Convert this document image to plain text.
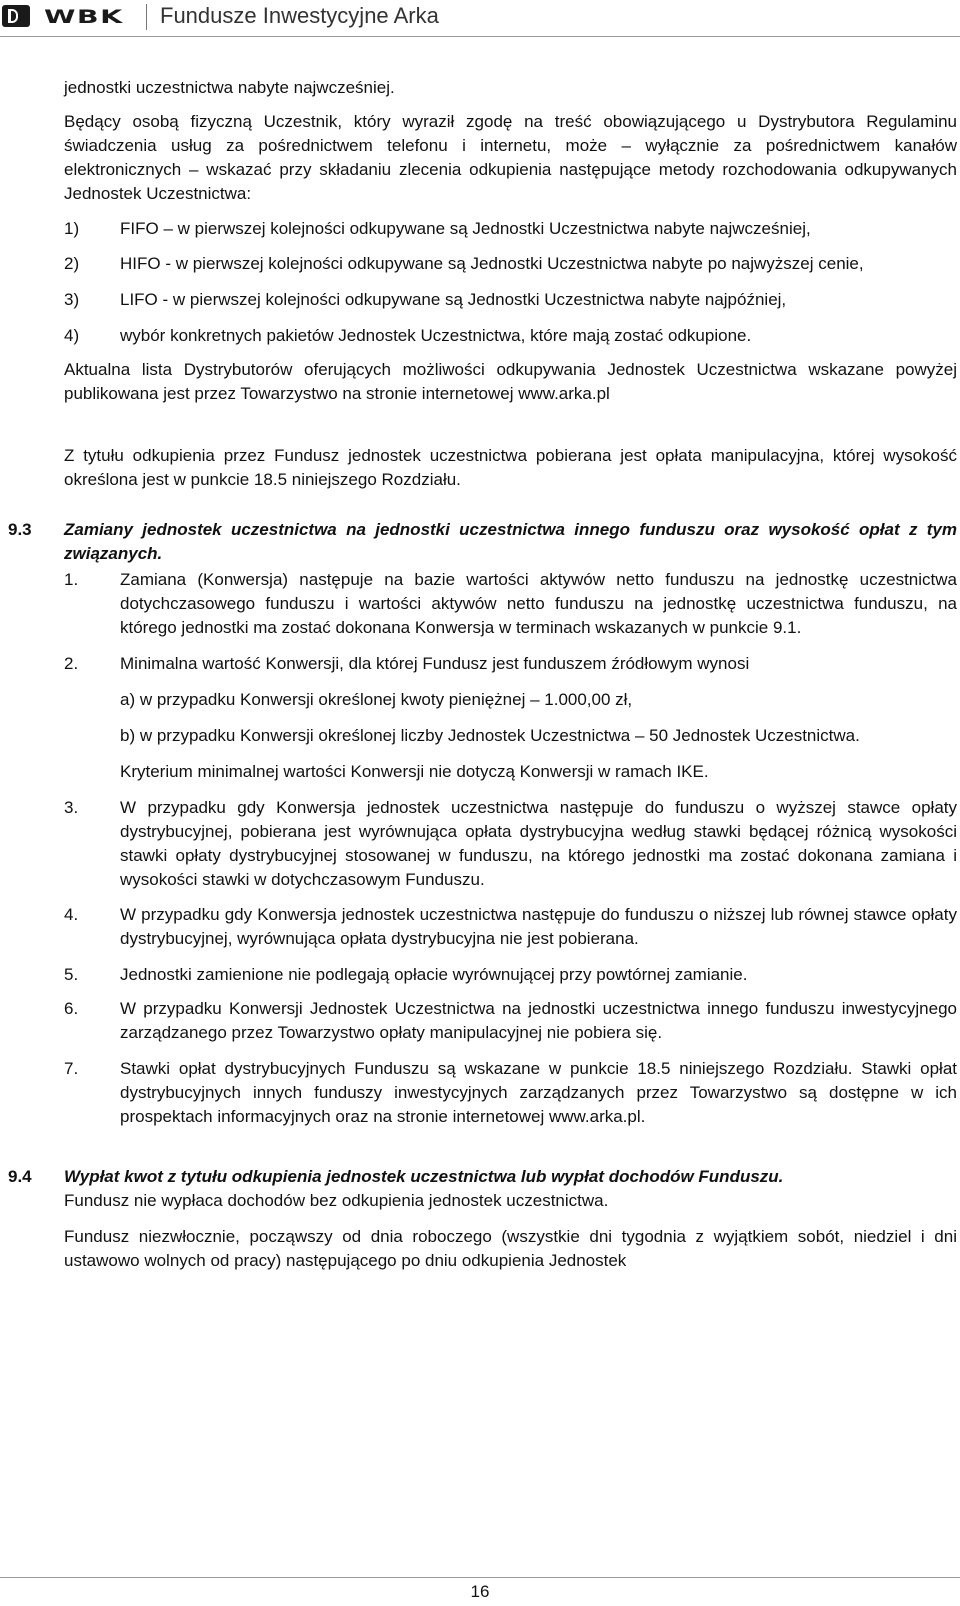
WBK Fundusze Inwestycyjne Arka

jednostki uczestnictwa nabyte najwcześniej.

Będący osobą fizyczną Uczestnik, który wyraził zgodę na treść obowiązującego u Dystrybutora Regulaminu świadczenia usług za pośrednictwem telefonu i internetu, może – wyłącznie za pośrednictwem kanałów elektronicznych – wskazać przy składaniu zlecenia odkupienia następujące metody rozchodowania odkupywanych Jednostek Uczestnictwa:

1)	FIFO – w pierwszej kolejności odkupywane są Jednostki Uczestnictwa nabyte najwcześniej,
2)	HIFO - w pierwszej kolejności odkupywane są Jednostki Uczestnictwa nabyte po najwyższej cenie,
3)	LIFO - w pierwszej kolejności odkupywane są Jednostki Uczestnictwa nabyte najpóźniej,
4)	wybór konkretnych pakietów Jednostek Uczestnictwa, które mają zostać odkupione.

Aktualna lista Dystrybutorów oferujących możliwości odkupywania Jednostek Uczestnictwa wskazane powyżej publikowana jest przez Towarzystwo na stronie internetowej www.arka.pl

Z tytułu odkupienia przez Fundusz jednostek uczestnictwa pobierana jest opłata manipulacyjna, której wysokość określona jest w punkcie 18.5 niniejszego Rozdziału.

9.3 Zamiany jednostek uczestnictwa na jednostki uczestnictwa innego funduszu oraz wysokość opłat z tym związanych.
1.	Zamiana (Konwersja) następuje na bazie wartości aktywów netto funduszu na jednostkę uczestnictwa dotychczasowego funduszu i wartości aktywów netto funduszu na jednostkę uczestnictwa funduszu, na którego jednostki ma zostać dokonana Konwersja w terminach wskazanych w punkcie 9.1.
2.	Minimalna wartość Konwersji, dla której Fundusz jest funduszem źródłowym wynosi

a) w przypadku Konwersji określonej kwoty pieniężnej – 1.000,00 zł,

b) w przypadku Konwersji określonej liczby Jednostek Uczestnictwa – 50 Jednostek Uczestnictwa.

Kryterium minimalnej wartości Konwersji nie dotyczą Konwersji w ramach IKE.

3.	W przypadku gdy Konwersja jednostek uczestnictwa następuje do funduszu o wyższej stawce opłaty dystrybucyjnej, pobierana jest wyrównująca opłata dystrybucyjna według stawki będącej różnicą wysokości stawki opłaty dystrybucyjnej stosowanej w funduszu, na którego jednostki ma zostać dokonana zamiana i wysokości stawki w dotychczasowym Funduszu.
4.	W przypadku gdy Konwersja jednostek uczestnictwa następuje do funduszu o niższej lub równej stawce opłaty dystrybucyjnej, wyrównująca opłata dystrybucyjna nie jest pobierana.
5.	Jednostki zamienione nie podlegają opłacie wyrównującej przy powtórnej zamianie.
6.	W przypadku Konwersji Jednostek Uczestnictwa na jednostki uczestnictwa innego funduszu inwestycyjnego zarządzanego przez Towarzystwo opłaty manipulacyjnej nie pobiera się.
7.	Stawki opłat dystrybucyjnych Funduszu są wskazane w punkcie 18.5 niniejszego Rozdziału. Stawki opłat dystrybucyjnych innych funduszy inwestycyjnych zarządzanych przez Towarzystwo są dostępne w ich prospektach informacyjnych oraz na stronie internetowej www.arka.pl.
9.4 Wypłat kwot z tytułu odkupienia jednostek uczestnictwa lub wypłat dochodów Funduszu.

Fundusz nie wypłaca dochodów bez odkupienia jednostek uczestnictwa.

Fundusz niezwłocznie, począwszy od dnia roboczego (wszystkie dni tygodnia z wyjątkiem sobót, niedziel i dni ustawowo wolnych od pracy) następującego po dniu odkupienia Jednostek

16
